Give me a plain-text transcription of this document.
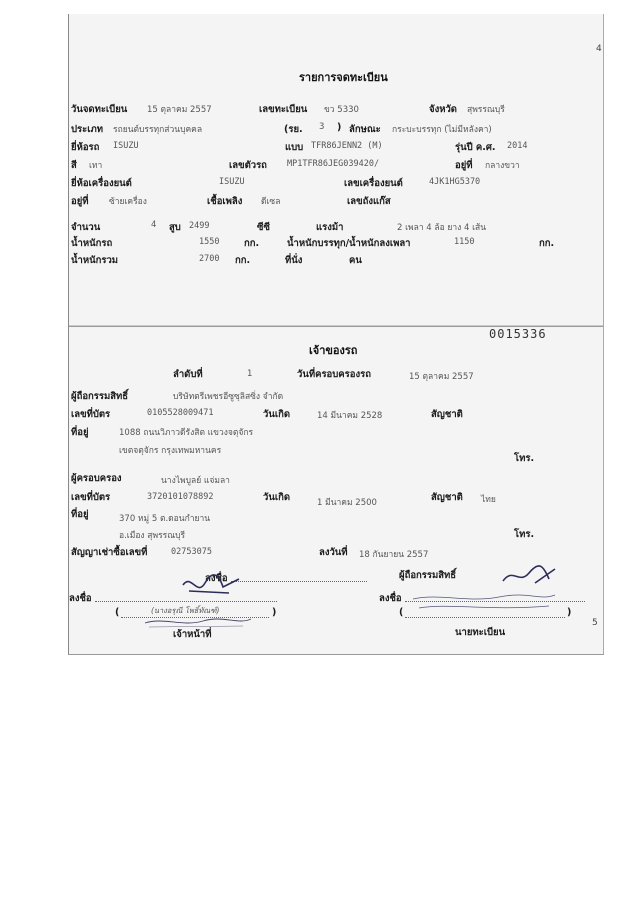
รายการจดทะเบียน
วันจดทะเบียน 15 ตุลาคม 2557	เลขทะเบียน ขว 5330	จังหวัด สุพรรณบุรี
ประเภท รถยนต์บรรทุกส่วนบุคคล	(รย. 3 ) ลักษณะ กระบะบรรทุก (ไม่มีหลังคา)
ยี่ห้อรถ ISUZU	แบบ TFR86JENN2 (M)	รุ่นปี ค.ศ. 2014
สี เทา	เลขตัวรถ MP1TFR86JEG039420/	อยู่ที่ กลางขวา
ยี่ห้อเครื่องยนต์	ISUZU	เลขเครื่องยนต์	4JK1HG5370
อยู่ที่ ซ้ายเครื่อง	เชื้อเพลิง ดีเซล	เลขถังแก๊ส
จำนวน	4 สูบ 2499	ซีซี	แรงม้า	2 เพลา 4 ล้อ ยาง 4 เส้น
น้ำหนักรถ	1550	กก.	น้ำหนักบรรทุก/น้ำหนักลงเพลา	1150	กก.
น้ำหนักรวม	2700 กก.	ที่นั่ง	คน
0015336
เจ้าของรถ
ลำดับที่	1	วันที่ครอบครองรถ	15 ตุลาคม 2557
ผู้ถือกรรมสิทธิ์	บริษัทตรีเพชรอีซูซุลิสซิ่ง จำกัด
เลขที่บัตร	0105528009471	วันเกิด	14 มีนาคม 2528	สัญชาติ
ที่อยู่	1088 ถนนวิภาวดีรังสิต แขวงจตุจักร
เขตจตุจักร กรุงเทพมหานคร
โทร.
ผู้ครอบครอง	นางไพบูลย์ แจ่มลา
เลขที่บัตร	3720101078892	วันเกิด	1 มีนาคม 2500	สัญชาติ ไทย
ที่อยู่	370 หมู่ 5 ต.ดอนกำยาน
อ.เมือง สุพรรณบุรี	โทร.
สัญญาเช่าซื้อเลขที่	02753075	ลงวันที่ 18 กันยายน 2557
ลงชื่อ	ผู้ถือกรรมสิทธิ์
ลงชื่อ	ลงชื่อ
(	(นางอรุณี โพธิ์ทัณฑ์)	)	(	)
เจ้าหน้าที่	นายทะเบียน
4
5
